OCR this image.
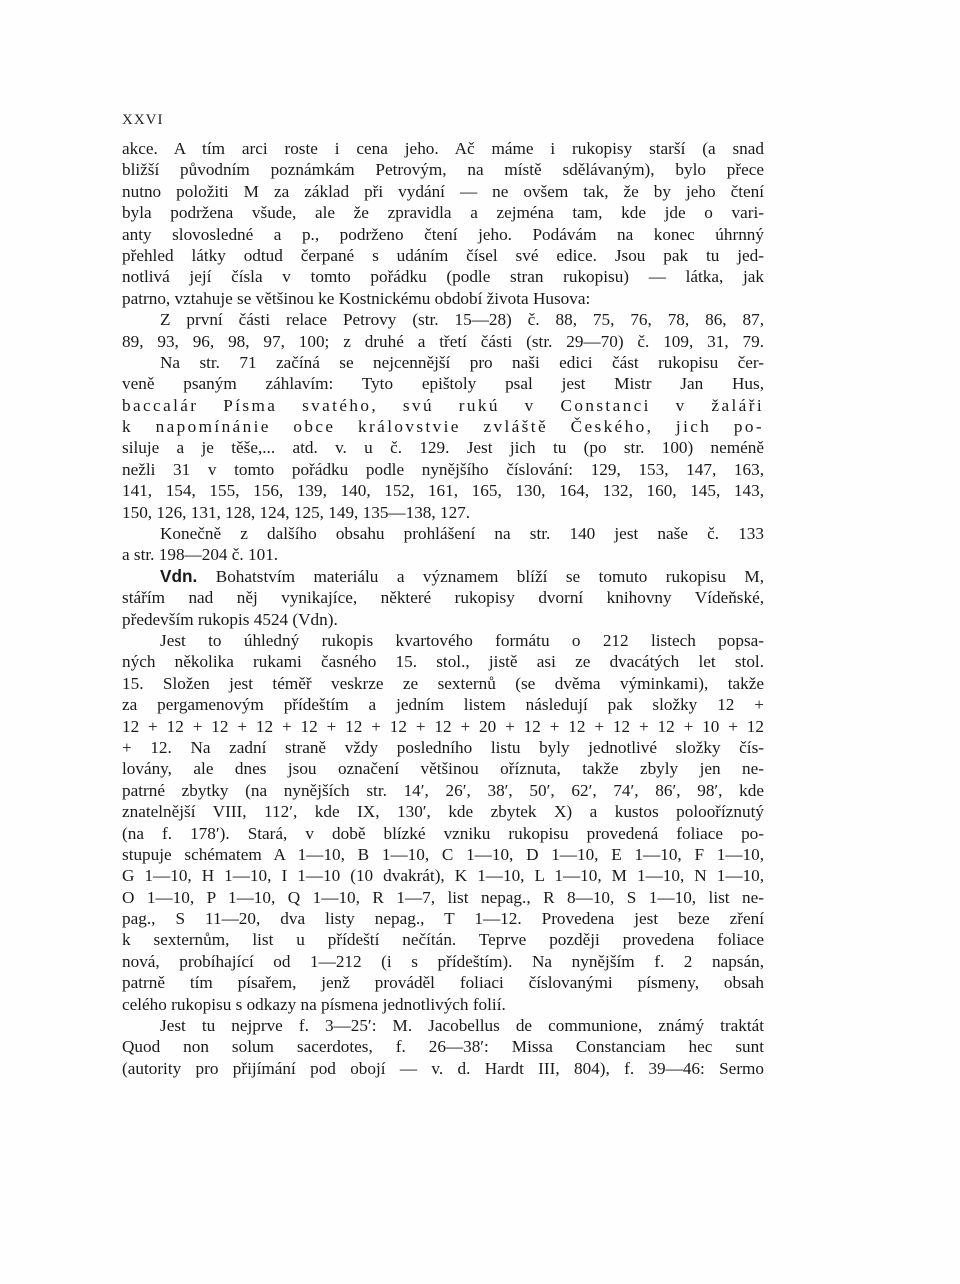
XXVI
akce. A tím arci roste i cena jeho. Ač máme i rukopisy starší (a snad
bližší původním poznámkám Petrovým, na místě sdělávaným), bylo přece
nutno položiti M za základ při vydání — ne ovšem tak, že by jeho čtení
byla podržena všude, ale že zpravidla a zejména tam, kde jde o vari-
anty slovosledné a p., podrženo čtení jeho. Podávám na konec úhrnný
přehled látky odtud čerpané s udáním čísel své edice. Jsou pak tu jed-
notlivá její čísla v tomto pořádku (podle stran rukopisu) — látka, jak
patrno, vztahuje se většinou ke Kostnickému období života Husova:
Z první části relace Petrovy (str. 15—28) č. 88, 75, 76, 78, 86, 87,
89, 93, 96, 98, 97, 100; z druhé a třetí části (str. 29—70) č. 109, 31, 79.
Na str. 71 začíná se nejcennější pro naši edici část rukopisu čer-
veně psaným záhlavím: Tyto epištoly psal jest Mistr Jan Hus,
baccalár Písma svatého, svú rukú v Constanci v žaláři
k napomínánie obce královstvie zvláště Českého, jich po-
siluje a je těše,... atd. v. u č. 129. Jest jich tu (po str. 100) neméně
nežli 31 v tomto pořádku podle nynějšího číslování: 129, 153, 147, 163,
141, 154, 155, 156, 139, 140, 152, 161, 165, 130, 164, 132, 160, 145, 143,
150, 126, 131, 128, 124, 125, 149, 135—138, 127.
Konečně z dalšího obsahu prohlášení na str. 140 jest naše č. 133
a str. 198—204 č. 101.
Vdn. Bohatstvím materiálu a významem blíží se tomuto rukopisu M,
stářím nad něj vynikajíce, některé rukopisy dvorní knihovny Vídeňské,
především rukopis 4524 (Vdn).
Jest to úhledný rukopis kvartového formátu o 212 listech popsa-
ných několika rukami časného 15. stol., jistě asi ze dvacátých let stol.
15. Složen jest téměř veskrze ze sexternů (se dvěma výminkami), takže
za pergamenovým přídeštím a jedním listem následují pak složky 12 +
12 + 12 + 12 + 12 + 12 + 12 + 12 + 12 + 20 + 12 + 12 + 12 + 12 + 10 + 12
+ 12. Na zadní straně vždy posledního listu byly jednotlivé složky čís-
lovány, ale dnes jsou označení většinou oříznuta, takže zbyly jen ne-
patrné zbytky (na nynějších str. 14′, 26′, 38′, 50′, 62′, 74′, 86′, 98′, kde
znatelnější VIII, 112′, kde IX, 130′, kde zbytek X) a kustos polooříznutý
(na f. 178′). Stará, v době blízké vzniku rukopisu provedená foliace po-
stupuje schématem A 1—10, B 1—10, C 1—10, D 1—10, E 1—10, F 1—10,
G 1—10, H 1—10, I 1—10 (10 dvakrát), K 1—10, L 1—10, M 1—10, N 1—10,
O 1—10, P 1—10, Q 1—10, R 1—7, list nepag., R 8—10, S 1—10, list ne-
pag., S 11—20, dva listy nepag., T 1—12. Provedena jest beze zření
k sexternům, list u přídeští nečítán. Teprve později provedena foliace
nová, probíhající od 1—212 (i s přídeštím). Na nynějším f. 2 napsán,
patrně tím písařem, jenž prováděl foliaci číslovanými písmeny, obsah
celého rukopisu s odkazy na písmena jednotlivých folií.
Jest tu nejprve f. 3—25′: M. Jacobellus de communione, známý traktát
Quod non solum sacerdotes, f. 26—38′: Missa Constanciam hec sunt
(autority pro přijímání pod obojí — v. d. Hardt III, 804), f. 39—46: Sermo
